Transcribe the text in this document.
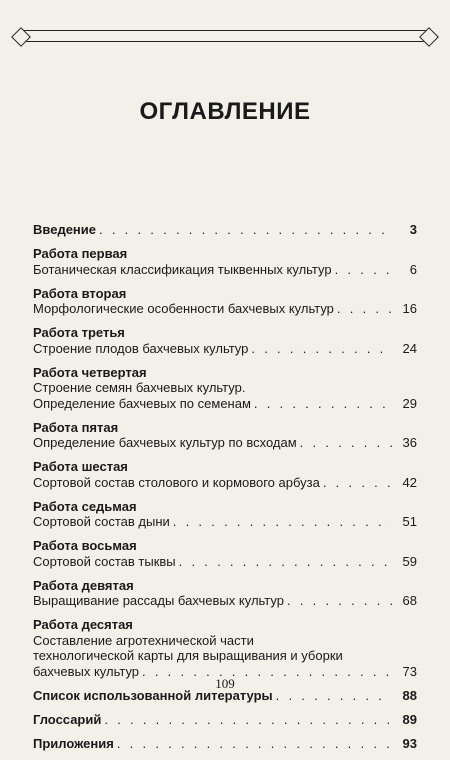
ОГЛАВЛЕНИЕ
Введение . . .	3
Работа первая
Ботаническая классификация тыквенных культур . . .	6
Работа вторая
Морфологические особенности бахчевых культур . . .	16
Работа третья
Строение плодов бахчевых культур . . .	24
Работа четвертая
Строение семян бахчевых культур.
Определение бахчевых по семенам . . .	29
Работа пятая
Определение бахчевых культур по всходам . . .	36
Работа шестая
Сортовой состав столового и кормового арбуза . . .	42
Работа седьмая
Сортовой состав дыни . . .	51
Работа восьмая
Сортовой состав тыквы . . .	59
Работа девятая
Выращивание рассады бахчевых культур . . .	68
Работа десятая
Составление агротехнической части
технологической карты для выращивания и уборки
бахчевых культур . . .	73
Список использованной литературы . . .	88
Глоссарий . . .	89
Приложения . . .	93
109
